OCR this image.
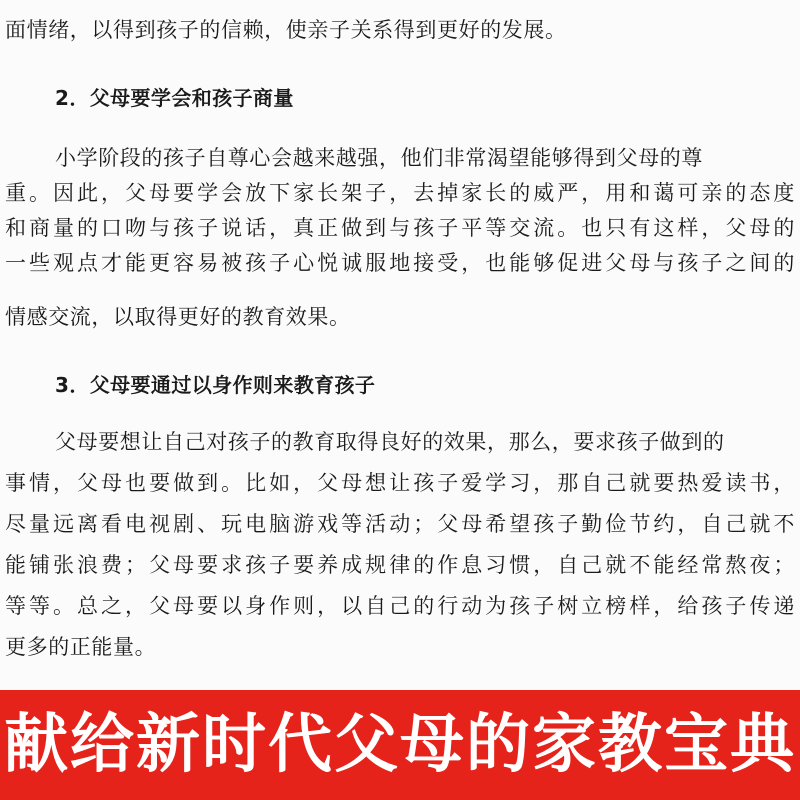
面情绪，以得到孩子的信赖，使亲子关系得到更好的发展。
2．父母要学会和孩子商量
小学阶段的孩子自尊心会越来越强，他们非常渴望能够得到父母的尊
重。因此，父母要学会放下家长架子，去掉家长的威严，用和蔼可亲的态度
和商量的口吻与孩子说话，真正做到与孩子平等交流。也只有这样，父母的
一些观点才能更容易被孩子心悦诚服地接受，也能够促进父母与孩子之间的
情感交流，以取得更好的教育效果。
3．父母要通过以身作则来教育孩子
父母要想让自己对孩子的教育取得良好的效果，那么，要求孩子做到的
事情，父母也要做到。比如，父母想让孩子爱学习，那自己就要热爱读书，
尽量远离看电视剧、玩电脑游戏等活动；父母希望孩子勤俭节约，自己就不
能铺张浪费；父母要求孩子要养成规律的作息习惯，自己就不能经常熬夜；
等等。总之，父母要以身作则，以自己的行动为孩子树立榜样，给孩子传递
更多的正能量。
献给新时代父母的家教宝典
